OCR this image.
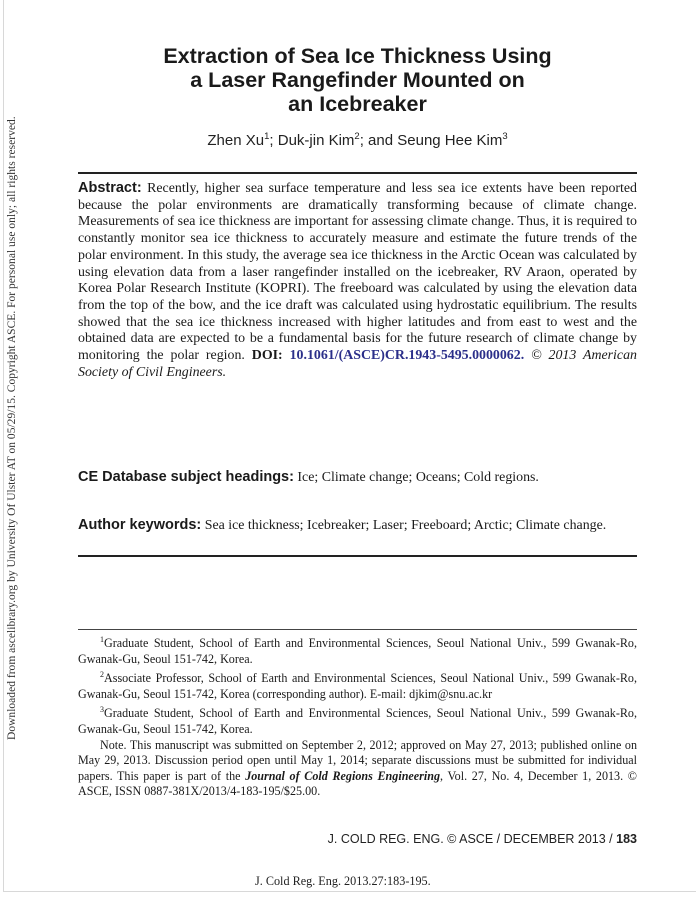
Downloaded from ascelibrary.org by University Of Ulster AT on 05/29/15. Copyright ASCE. For personal use only; all rights reserved.
Extraction of Sea Ice Thickness Using
a Laser Rangefinder Mounted on
an Icebreaker
Zhen Xu$^1$; Duk-jin Kim$^2$; and Seung Hee Kim$^3$
Abstract: Recently, higher sea surface temperature and less sea ice extents have been reported because the polar environments are dramatically transforming because of climate change. Measurements of sea ice thickness are important for assessing climate change. Thus, it is required to constantly monitor sea ice thickness to accurately measure and estimate the future trends of the polar environment. In this study, the average sea ice thickness in the Arctic Ocean was calculated by using elevation data from a laser rangefinder installed on the icebreaker, RV Araon, operated by Korea Polar Research Institute (KOPRI). The freeboard was calculated by using the elevation data from the top of the bow, and the ice draft was calculated using hydrostatic equilibrium. The results showed that the sea ice thickness increased with higher latitudes and from east to west and the obtained data are expected to be a fundamental basis for the future research of climate change by monitoring the polar region. DOI: 10.1061/(ASCE)CR.1943-5495.0000062. © 2013 American Society of Civil Engineers.
CE Database subject headings: Ice; Climate change; Oceans; Cold regions.
Author keywords: Sea ice thickness; Icebreaker; Laser; Freeboard; Arctic; Climate change.

$^1$Graduate Student, School of Earth and Environmental Sciences, Seoul National Univ., 599 Gwanak-Ro, Gwanak-Gu, Seoul 151-742, Korea.

$^2$Associate Professor, School of Earth and Environmental Sciences, Seoul National Univ., 599 Gwanak-Ro, Gwanak-Gu, Seoul 151-742, Korea (corresponding author). E-mail: djkim@snu.ac.kr

$^3$Graduate Student, School of Earth and Environmental Sciences, Seoul National Univ., 599 Gwanak-Ro, Gwanak-Gu, Seoul 151-742, Korea.

Note. This manuscript was submitted on September 2, 2012; approved on May 27, 2013; published online on May 29, 2013. Discussion period open until May 1, 2014; separate discussions must be submitted for individual papers. This paper is part of the Journal of Cold Regions Engineering, Vol. 27, No. 4, December 1, 2013. © ASCE, ISSN 0887-381X/2013/4-183-195/$25.00.

J. COLD REG. ENG. © ASCE / DECEMBER 2013 / 183
J. Cold Reg. Eng. 2013.27:183-195.
